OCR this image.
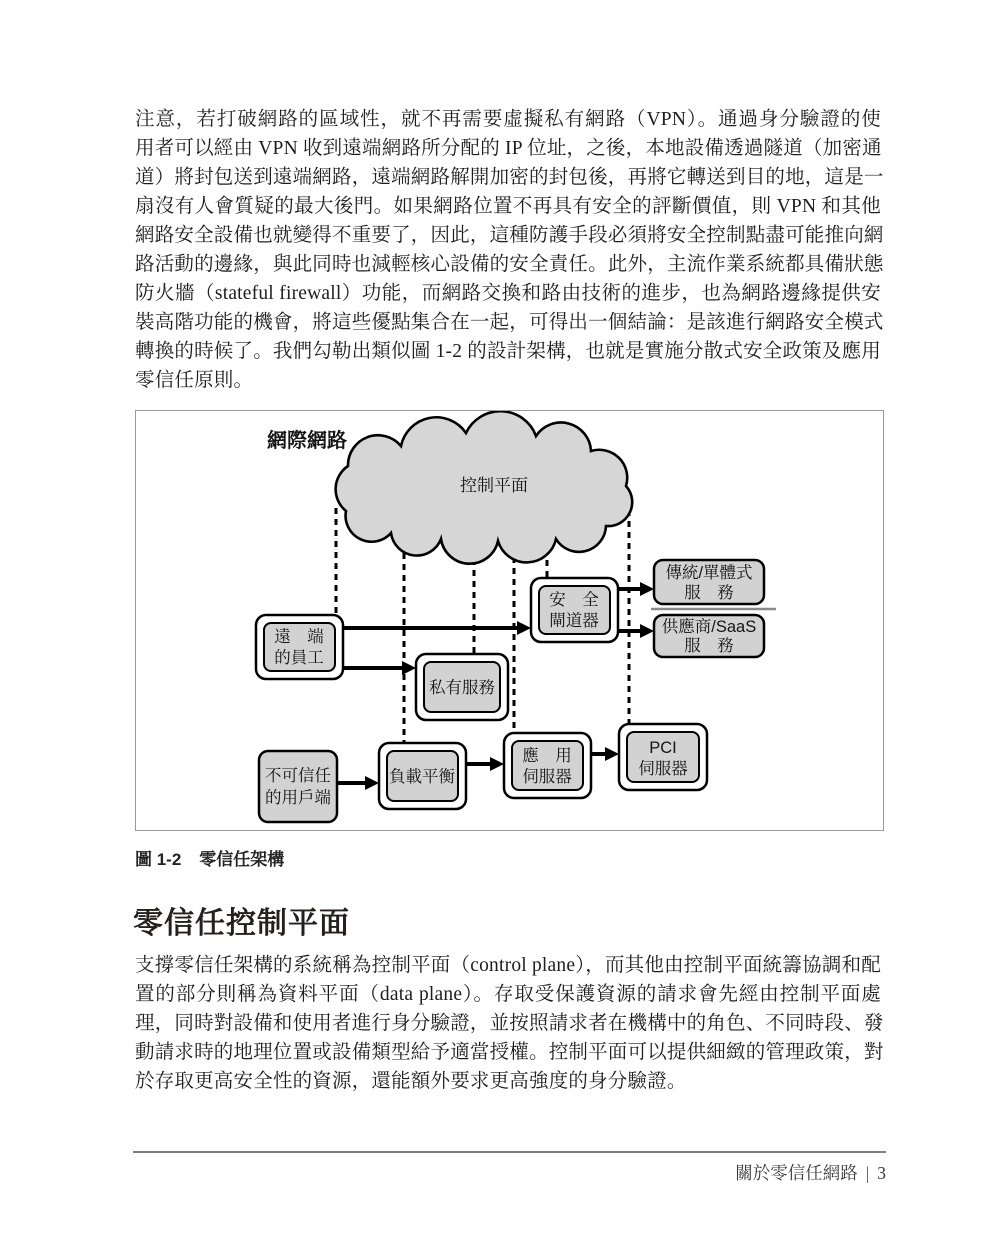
注意，若打破網路的區域性，就不再需要虛擬私有網路（VPN）。通過身分驗證的使
用者可以經由 VPN 收到遠端網路所分配的 IP 位址，之後，本地設備透過隧道（加密通
道）將封包送到遠端網路，遠端網路解開加密的封包後，再將它轉送到目的地，這是一
扇沒有人會質疑的最大後門。如果網路位置不再具有安全的評斷價值，則 VPN 和其他
網路安全設備也就變得不重要了，因此，這種防護手段必須將安全控制點盡可能推向網
路活動的邊緣，與此同時也減輕核心設備的安全責任。此外，主流作業系統都具備狀態
防火牆（stateful firewall）功能，而網路交換和路由技術的進步，也為網路邊緣提供安
裝高階功能的機會，將這些優點集合在一起，可得出一個結論：是該進行網路安全模式
轉換的時候了。我們勾勒出類似圖 1-2 的設計架構，也就是實施分散式安全政策及應用
零信任原則。
網際網路
控制平面
遠　端
的員工
私有服務
安　全
閘道器
傳統/單體式
服　務
供應商/SaaS
服　務
不可信任
的用戶端
負載平衡
應　用
伺服器
PCI
伺服器
圖 1-2 零信任架構
零信任控制平面
支撐零信任架構的系統稱為控制平面（control plane），而其他由控制平面統籌協調和配
置的部分則稱為資料平面（data plane）。存取受保護資源的請求會先經由控制平面處
理，同時對設備和使用者進行身分驗證，並按照請求者在機構中的角色、不同時段、發
動請求時的地理位置或設備類型給予適當授權。控制平面可以提供細緻的管理政策，對
於存取更高安全性的資源，還能額外要求更高強度的身分驗證。
關於零信任網路 | 3
